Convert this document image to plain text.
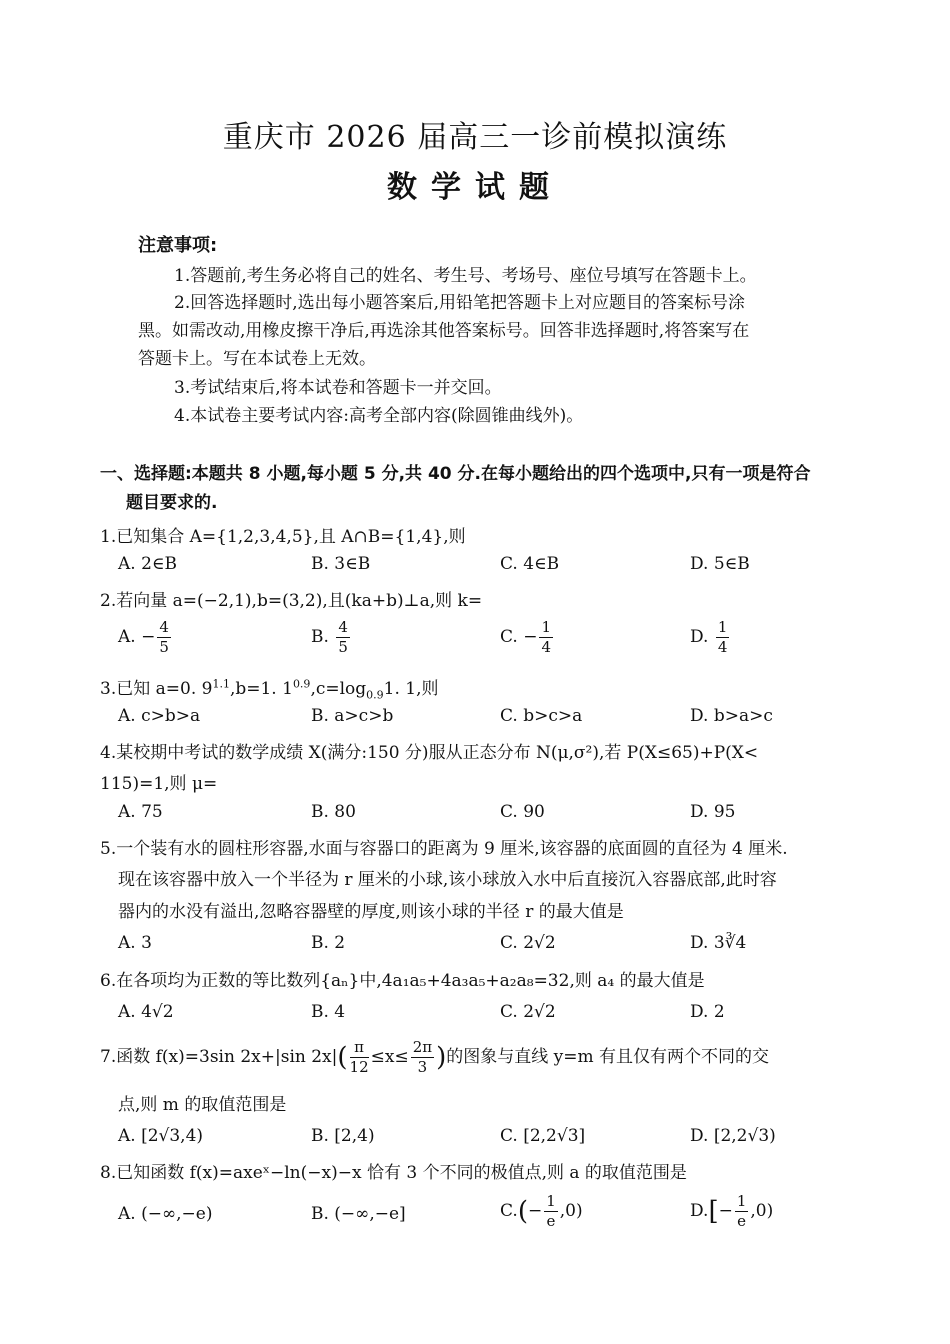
重庆市 2026 届高三一诊前模拟演练
数学试题
注意事项:
1.答题前,考生务必将自己的姓名、考生号、考场号、座位号填写在答题卡上。
2.回答选择题时,选出每小题答案后,用铅笔把答题卡上对应题目的答案标号涂
黑。如需改动,用橡皮擦干净后,再选涂其他答案标号。回答非选择题时,将答案写在
答题卡上。写在本试卷上无效。
3.考试结束后,将本试卷和答题卡一并交回。
4.本试卷主要考试内容:高考全部内容(除圆锥曲线外)。
一、选择题:本题共 8 小题,每小题 5 分,共 40 分.在每小题给出的四个选项中,只有一项是符合
题目要求的.
1.已知集合 A={1,2,3,4,5},且 A∩B={1,4},则
A. 2∈B	B. 3∈B	C. 4∈B	D. 5∈B
2.若向量 a=(−2,1),b=(3,2),且(ka+b)⊥a,则 k=
A. − $\frac{4}{5}$	B. $\frac{4}{5}$	C. − $\frac{1}{4}$	D. $\frac{1}{4}$
3.已知 a=0. $9^{1.1},b=1$. $1^{0.9},c=\log_{0.9}1$. 1,则
A. c>b>a	B. a>c>b	C. b>c>a	D. b>a>c
4.某校期中考试的数学成绩 X(满分:150 分)服从正态分布 N(μ,σ²),若 P(X≤65)+P(X<
115)=1,则 μ=
A. 75	B. 80	C. 90	D. 95
5.一个装有水的圆柱形容器,水面与容器口的距离为 9 厘米,该容器的底面圆的直径为 4 厘米.
现在该容器中放入一个半径为 r 厘米的小球,该小球放入水中后直接沉入容器底部,此时容
器内的水没有溢出,忽略容器壁的厚度,则该小球的半径 r 的最大值是
A. 3	B. 2	C. 2√2	D. 3∛4
6.在各项均为正数的等比数列{aₙ}中,4a₁a₅+4a₃a₅+a₂a₈=32,则 a₄ 的最大值是
A. 4√2	B. 4	C. 2√2	D. 2
7.函数 f(x)=3sin 2x+|sin $2x|( \frac{\pi}{12} \le x\le \frac{2\pi}{3}$ )的图象与直线 y=m 有且仅有两个不同的交
点,则 m 的取值范围是
A. [2√3,4)	B. [2,4)	C. [2,2√3]	D. [2,2√3)
8.已知函数 f(x)=axeˣ−ln(−x)−x 恰有 3 个不同的极值点,则 a 的取值范围是
A. (−∞,−e)	B. (−∞,−e]	$C.(- \frac{1}{e} ,0)$	$D.[- \frac{1}{e} ,0)$
